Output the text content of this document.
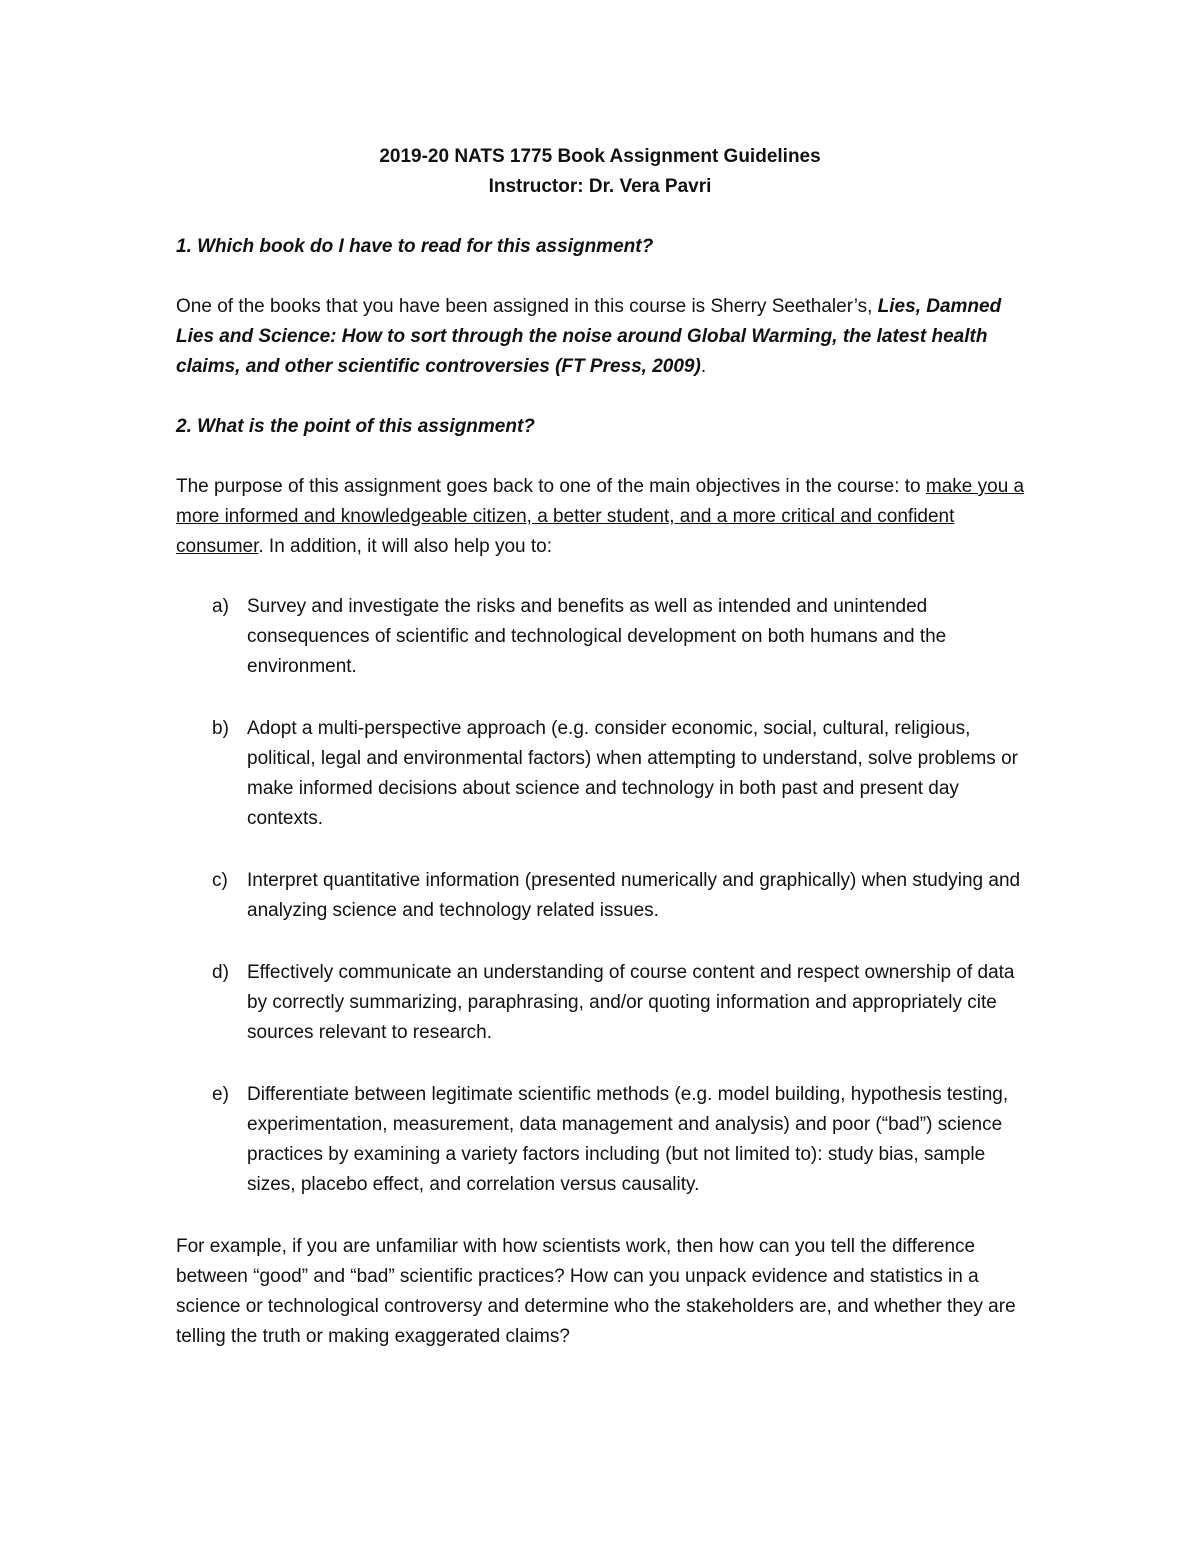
2019-20 NATS 1775 Book Assignment Guidelines
Instructor: Dr. Vera Pavri

1. Which book do I have to read for this assignment?

One of the books that you have been assigned in this course is Sherry Seethaler’s, Lies, Damned Lies and Science: How to sort through the noise around Global Warming, the latest health claims, and other scientific controversies (FT Press, 2009).

2. What is the point of this assignment?

The purpose of this assignment goes back to one of the main objectives in the course: to make you a more informed and knowledgeable citizen, a better student, and a more critical and confident consumer. In addition, it will also help you to:

a) Survey and investigate the risks and benefits as well as intended and unintended consequences of scientific and technological development on both humans and the environment.
b) Adopt a multi-perspective approach (e.g. consider economic, social, cultural, religious, political, legal and environmental factors) when attempting to understand, solve problems or make informed decisions about science and technology in both past and present day contexts.
c) Interpret quantitative information (presented numerically and graphically) when studying and analyzing science and technology related issues.
d) Effectively communicate an understanding of course content and respect ownership of data by correctly summarizing, paraphrasing, and/or quoting information and appropriately cite sources relevant to research.
e) Differentiate between legitimate scientific methods (e.g. model building, hypothesis testing, experimentation, measurement, data management and analysis) and poor (“bad”) science practices by examining a variety factors including (but not limited to): study bias, sample sizes, placebo effect, and correlation versus causality.

For example, if you are unfamiliar with how scientists work, then how can you tell the difference between “good” and “bad” scientific practices? How can you unpack evidence and statistics in a science or technological controversy and determine who the stakeholders are, and whether they are telling the truth or making exaggerated claims?
